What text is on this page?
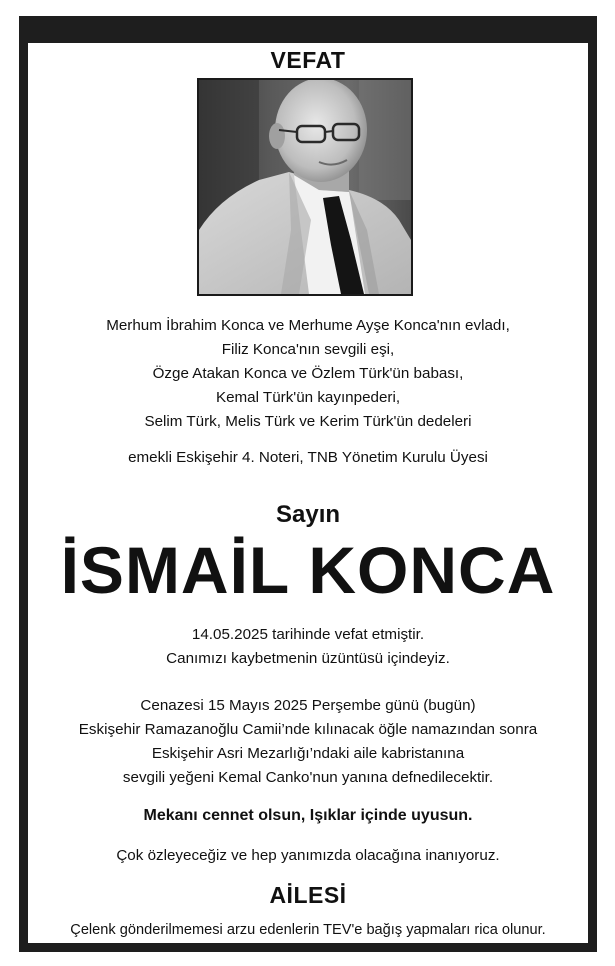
VEFAT
Merhum İbrahim Konca ve Merhume Ayşe Konca'nın evladı,
Filiz Konca'nın sevgili eşi,
Özge Atakan Konca ve Özlem Türk'ün babası,
Kemal Türk'ün kayınpederi,
Selim Türk, Melis Türk ve Kerim Türk'ün dedeleri
emekli Eskişehir 4. Noteri, TNB Yönetim Kurulu Üyesi
Sayın
İSMAİL KONCA
14.05.2025 tarihinde vefat etmiştir.
Canımızı kaybetmenin üzüntüsü içindeyiz.
Cenazesi 15 Mayıs 2025 Perşembe günü (bugün)
Eskişehir Ramazanoğlu Camii’nde kılınacak öğle namazından sonra
Eskişehir Asri Mezarlığı’ndaki aile kabristanına
sevgili yeğeni Kemal Canko'nun yanına defnedilecektir.
Mekanı cennet olsun, Işıklar içinde uyusun.
Çok özleyeceğiz ve hep yanımızda olacağına inanıyoruz.
AİLESİ
Çelenk gönderilmemesi arzu edenlerin TEV'e bağış yapmaları rica olunur.
